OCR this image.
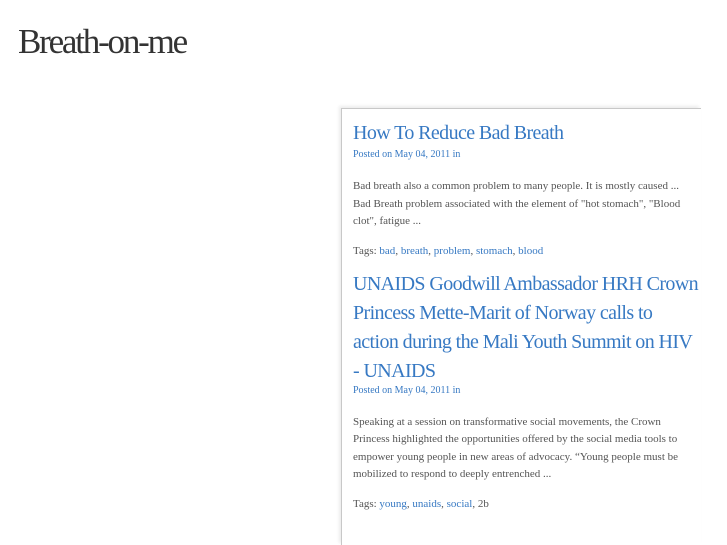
Breath-on-me
How To Reduce Bad Breath

Posted on May 04, 2011 in

Bad breath also a common problem to many people. It is mostly caused ... Bad Breath problem associated with the element of "hot stomach", "Blood clot", fatigue ...

Tags: bad, breath, problem, stomach, blood

UNAIDS Goodwill Ambassador HRH Crown Princess Mette-Marit of Norway calls to action during the Mali Youth Summit on HIV - UNAIDS

Posted on May 04, 2011 in

Speaking at a session on transformative social movements, the Crown Princess highlighted the opportunities offered by the social media tools to empower young people in new areas of advocacy. “Young people must be mobilized to respond to deeply entrenched ...

Tags: young, unaids, social, 2b
